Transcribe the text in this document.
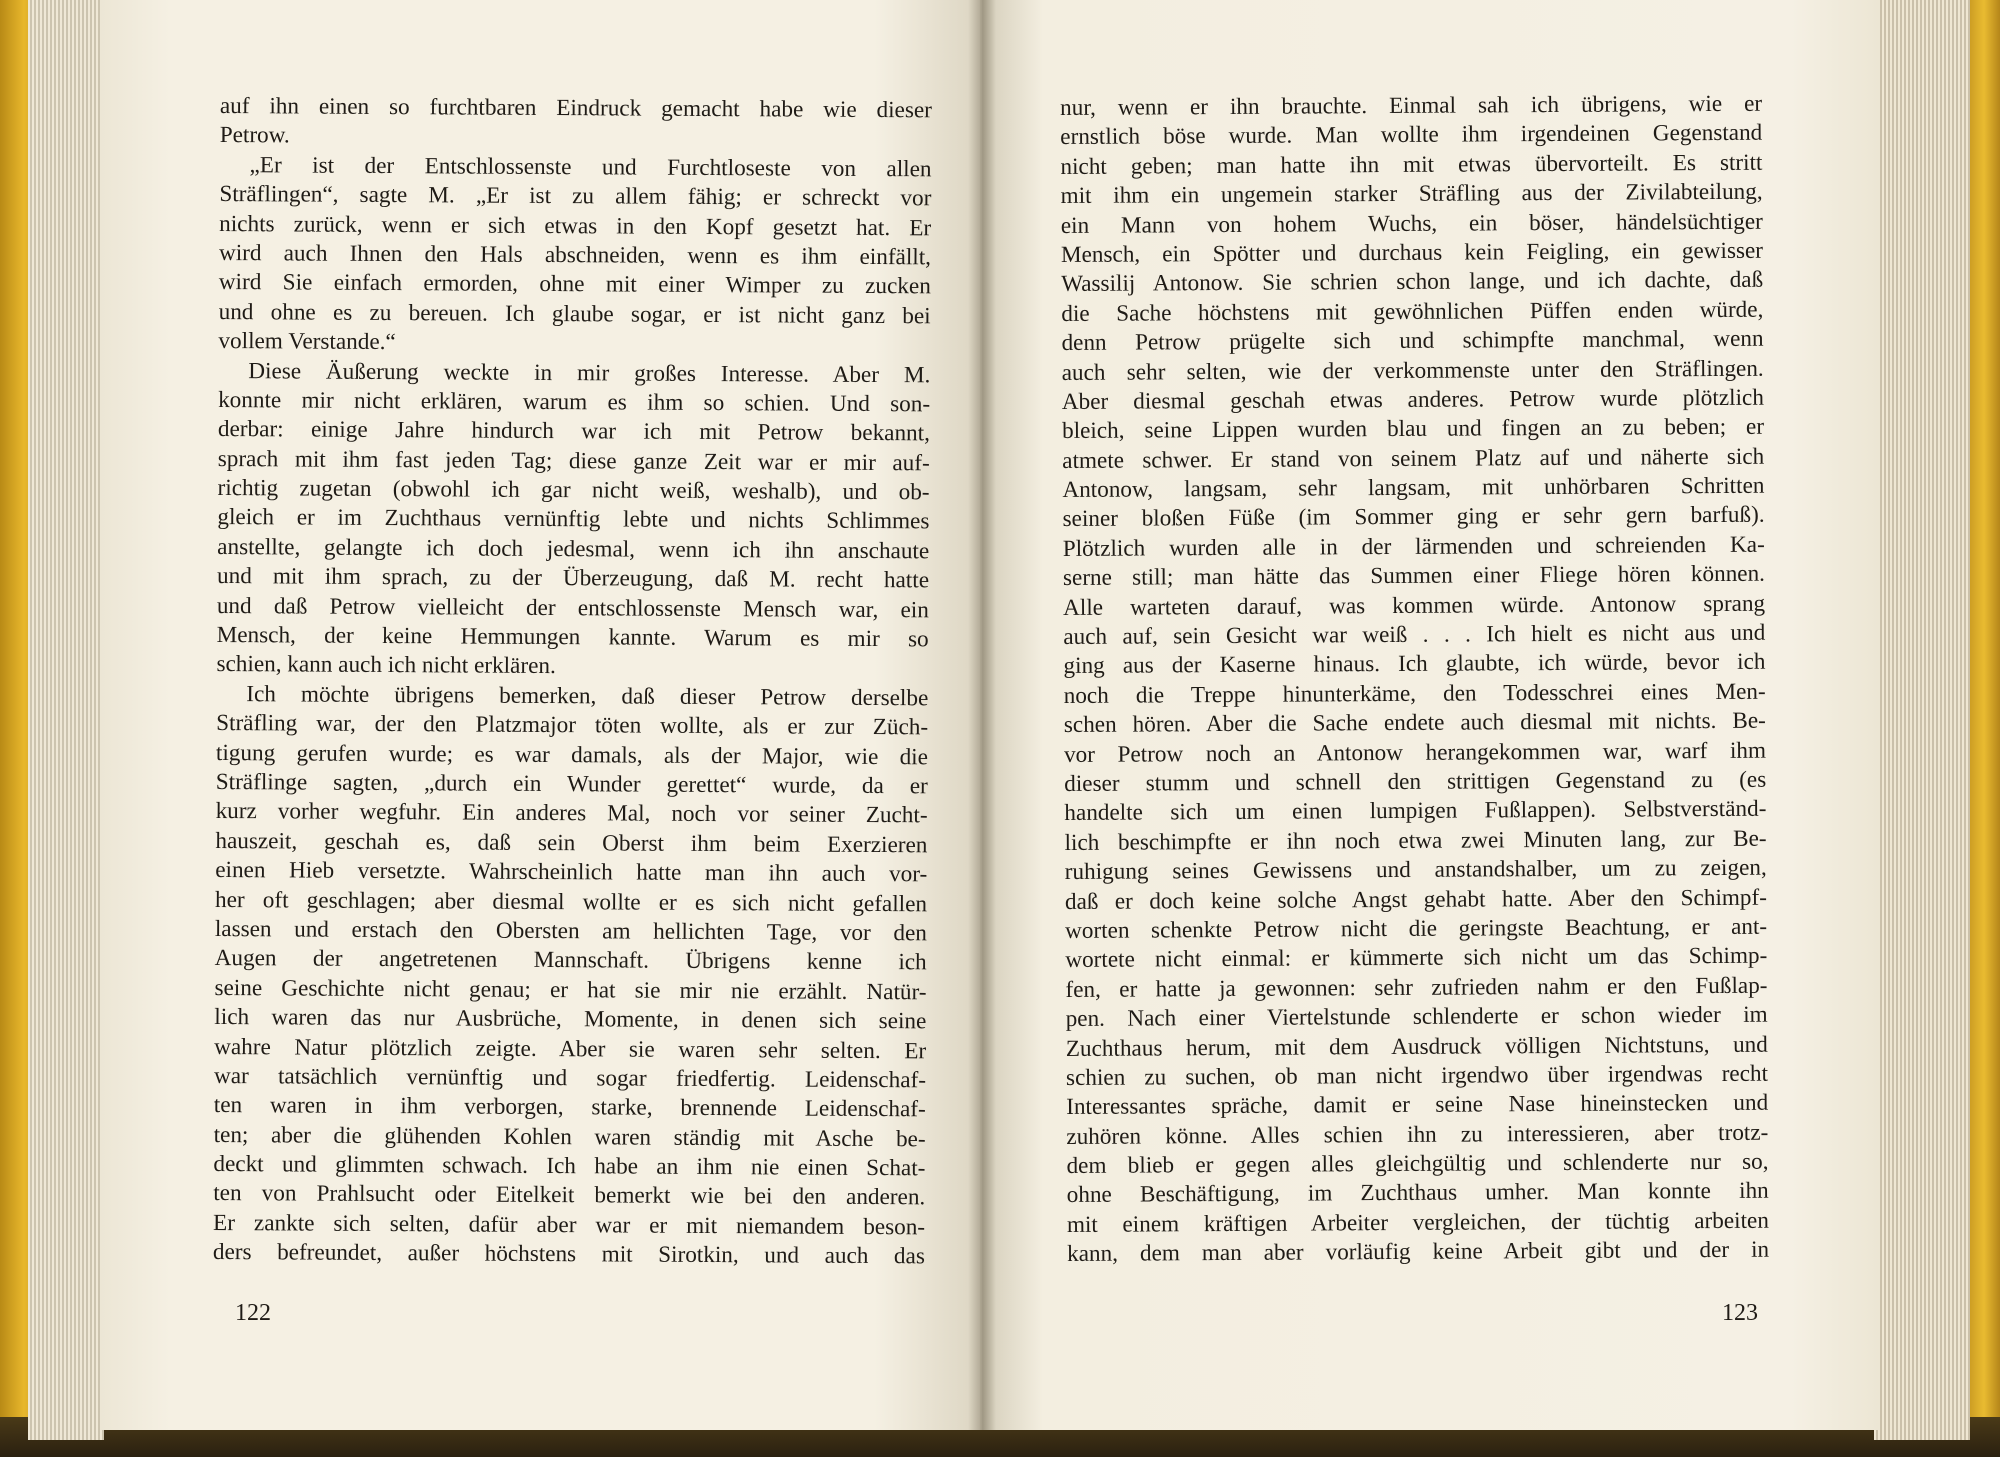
auf ihn einen so furchtbaren Eindruck gemacht habe wie dieser
Petrow.
„Er ist der Entschlossenste und Furchtloseste von allen
Sträflingen“, sagte M. „Er ist zu allem fähig; er schreckt vor
nichts zurück, wenn er sich etwas in den Kopf gesetzt hat. Er
wird auch Ihnen den Hals abschneiden, wenn es ihm einfällt,
wird Sie einfach ermorden, ohne mit einer Wimper zu zucken
und ohne es zu bereuen. Ich glaube sogar, er ist nicht ganz bei
vollem Verstande.“
Diese Äußerung weckte in mir großes Interesse. Aber M.
konnte mir nicht erklären, warum es ihm so schien. Und son-
derbar: einige Jahre hindurch war ich mit Petrow bekannt,
sprach mit ihm fast jeden Tag; diese ganze Zeit war er mir auf-
richtig zugetan (obwohl ich gar nicht weiß, weshalb), und ob-
gleich er im Zuchthaus vernünftig lebte und nichts Schlimmes
anstellte, gelangte ich doch jedesmal, wenn ich ihn anschaute
und mit ihm sprach, zu der Überzeugung, daß M. recht hatte
und daß Petrow vielleicht der entschlossenste Mensch war, ein
Mensch, der keine Hemmungen kannte. Warum es mir so
schien, kann auch ich nicht erklären.
Ich möchte übrigens bemerken, daß dieser Petrow derselbe
Sträfling war, der den Platzmajor töten wollte, als er zur Züch-
tigung gerufen wurde; es war damals, als der Major, wie die
Sträflinge sagten, „durch ein Wunder gerettet“ wurde, da er
kurz vorher wegfuhr. Ein anderes Mal, noch vor seiner Zucht-
hauszeit, geschah es, daß sein Oberst ihm beim Exerzieren
einen Hieb versetzte. Wahrscheinlich hatte man ihn auch vor-
her oft geschlagen; aber diesmal wollte er es sich nicht gefallen
lassen und erstach den Obersten am hellichten Tage, vor den
Augen der angetretenen Mannschaft. Übrigens kenne ich
seine Geschichte nicht genau; er hat sie mir nie erzählt. Natür-
lich waren das nur Ausbrüche, Momente, in denen sich seine
wahre Natur plötzlich zeigte. Aber sie waren sehr selten. Er
war tatsächlich vernünftig und sogar friedfertig. Leidenschaf-
ten waren in ihm verborgen, starke, brennende Leidenschaf-
ten; aber die glühenden Kohlen waren ständig mit Asche be-
deckt und glimmten schwach. Ich habe an ihm nie einen Schat-
ten von Prahlsucht oder Eitelkeit bemerkt wie bei den anderen.
Er zankte sich selten, dafür aber war er mit niemandem beson-
ders befreundet, außer höchstens mit Sirotkin, und auch das
nur, wenn er ihn brauchte. Einmal sah ich übrigens, wie er
ernstlich böse wurde. Man wollte ihm irgendeinen Gegenstand
nicht geben; man hatte ihn mit etwas übervorteilt. Es stritt
mit ihm ein ungemein starker Sträfling aus der Zivilabteilung,
ein Mann von hohem Wuchs, ein böser, händelsüchtiger
Mensch, ein Spötter und durchaus kein Feigling, ein gewisser
Wassilij Antonow. Sie schrien schon lange, und ich dachte, daß
die Sache höchstens mit gewöhnlichen Püffen enden würde,
denn Petrow prügelte sich und schimpfte manchmal, wenn
auch sehr selten, wie der verkommenste unter den Sträflingen.
Aber diesmal geschah etwas anderes. Petrow wurde plötzlich
bleich, seine Lippen wurden blau und fingen an zu beben; er
atmete schwer. Er stand von seinem Platz auf und näherte sich
Antonow, langsam, sehr langsam, mit unhörbaren Schritten
seiner bloßen Füße (im Sommer ging er sehr gern barfuß).
Plötzlich wurden alle in der lärmenden und schreienden Ka-
serne still; man hätte das Summen einer Fliege hören können.
Alle warteten darauf, was kommen würde. Antonow sprang
auch auf, sein Gesicht war weiß . . . Ich hielt es nicht aus und
ging aus der Kaserne hinaus. Ich glaubte, ich würde, bevor ich
noch die Treppe hinunterkäme, den Todesschrei eines Men-
schen hören. Aber die Sache endete auch diesmal mit nichts. Be-
vor Petrow noch an Antonow herangekommen war, warf ihm
dieser stumm und schnell den strittigen Gegenstand zu (es
handelte sich um einen lumpigen Fußlappen). Selbstverständ-
lich beschimpfte er ihn noch etwa zwei Minuten lang, zur Be-
ruhigung seines Gewissens und anstandshalber, um zu zeigen,
daß er doch keine solche Angst gehabt hatte. Aber den Schimpf-
worten schenkte Petrow nicht die geringste Beachtung, er ant-
wortete nicht einmal: er kümmerte sich nicht um das Schimp-
fen, er hatte ja gewonnen: sehr zufrieden nahm er den Fußlap-
pen. Nach einer Viertelstunde schlenderte er schon wieder im
Zuchthaus herum, mit dem Ausdruck völligen Nichtstuns, und
schien zu suchen, ob man nicht irgendwo über irgendwas recht
Interessantes spräche, damit er seine Nase hineinstecken und
zuhören könne. Alles schien ihn zu interessieren, aber trotz-
dem blieb er gegen alles gleichgültig und schlenderte nur so,
ohne Beschäftigung, im Zuchthaus umher. Man konnte ihn
mit einem kräftigen Arbeiter vergleichen, der tüchtig arbeiten
kann, dem man aber vorläufig keine Arbeit gibt und der in
122	123
